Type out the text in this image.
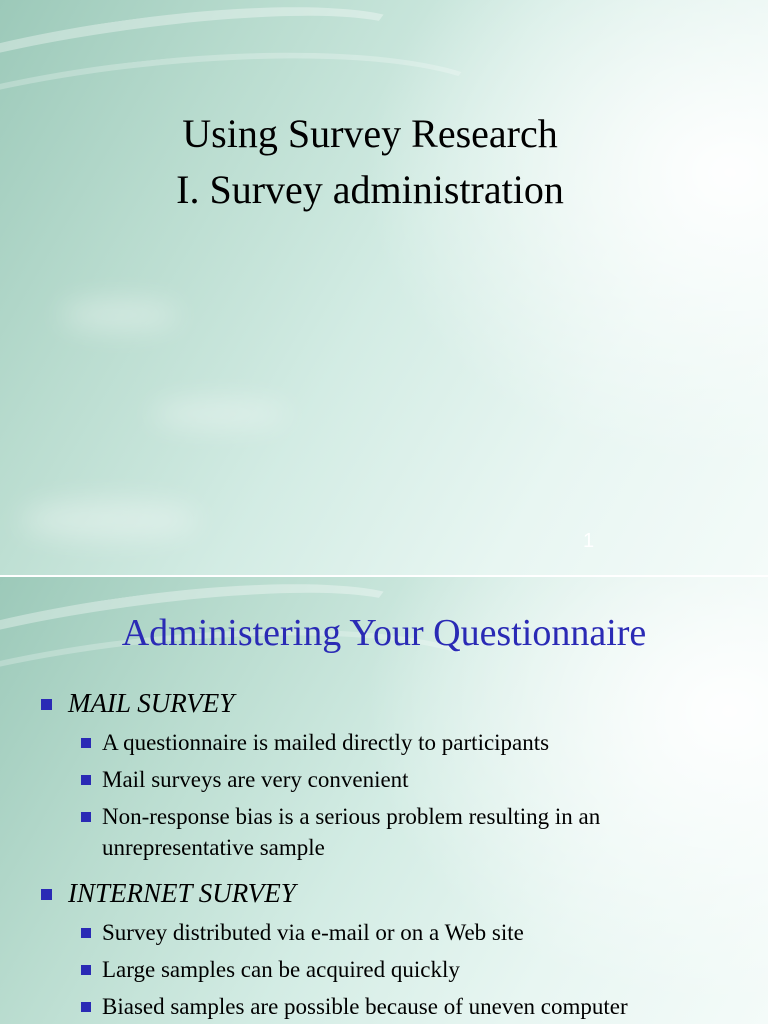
Using Survey Research
I. Survey administration
1
Administering Your Questionnaire
MAIL SURVEY
A questionnaire is mailed directly to participants
Mail surveys are very convenient
Non-response bias is a serious problem resulting in an unrepresentative sample
INTERNET SURVEY
Survey distributed via e-mail or on a Web site
Large samples can be acquired quickly
Biased samples are possible because of uneven computer
